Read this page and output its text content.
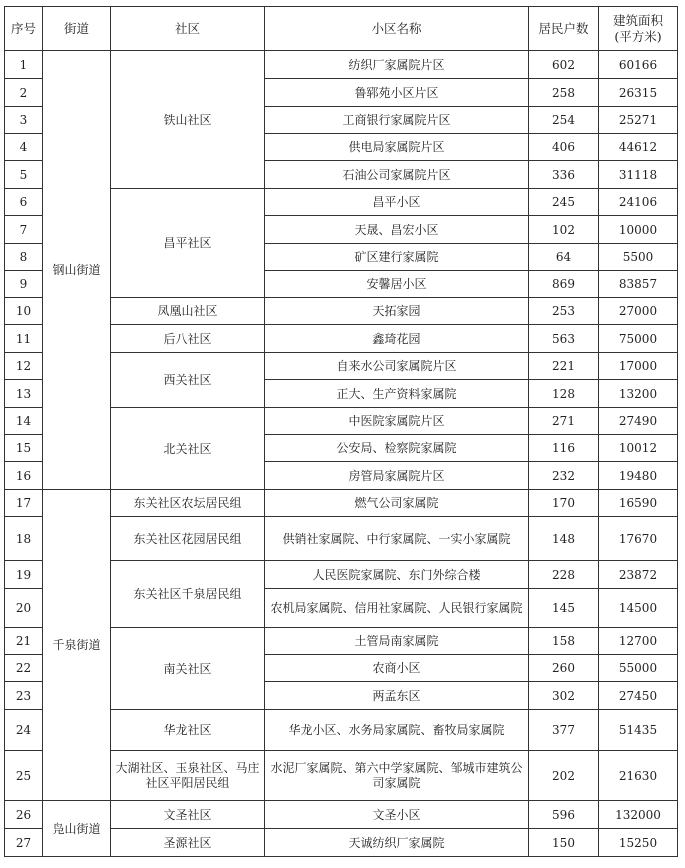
序号	街道	社区	小区名称	居民户数	建筑面积
(平方米)
1	钢山街道	铁山社区	纺织厂家属院片区	602	60166
2			鲁郓苑小区片区	258	26315
3			工商银行家属院片区	254	25271
4			供电局家属院片区	406	44612
5			石油公司家属院片区	336	31118
6		昌平社区	昌平小区	245	24106
7			天晟、昌宏小区	102	10000
8			矿区建行家属院	64	5500
9			安馨居小区	869	83857
10		凤凰山社区	天拓家园	253	27000
11		后八社区	鑫琦花园	563	75000
12		西关社区	自来水公司家属院片区	221	17000
13			正大、生产资料家属院	128	13200
14		北关社区	中医院家属院片区	271	27490
15			公安局、检察院家属院	116	10012
16			房管局家属院片区	232	19480
17	千泉街道	东关社区农坛居民组	燃气公司家属院	170	16590
18		东关社区花园居民组	供销社家属院、中行家属院、一实小家属院	148	17670
19		东关社区千泉居民组	人民医院家属院、东门外综合楼	228	23872
20			农机局家属院、信用社家属院、人民银行家属院	145	14500
21		南关社区	土管局南家属院	158	12700
22			农商小区	260	55000
23			两孟东区	302	27450
24		华龙社区	华龙小区、水务局家属院、畜牧局家属院	377	51435
25		大湖社区、玉泉社区、马庄社区平阳居民组	水泥厂家属院、第六中学家属院、邹城市建筑公司家属院	202	21630
26	凫山街道	文圣社区	文圣小区	596	132000
27		圣源社区	天诚纺织厂家属院	150	15250
